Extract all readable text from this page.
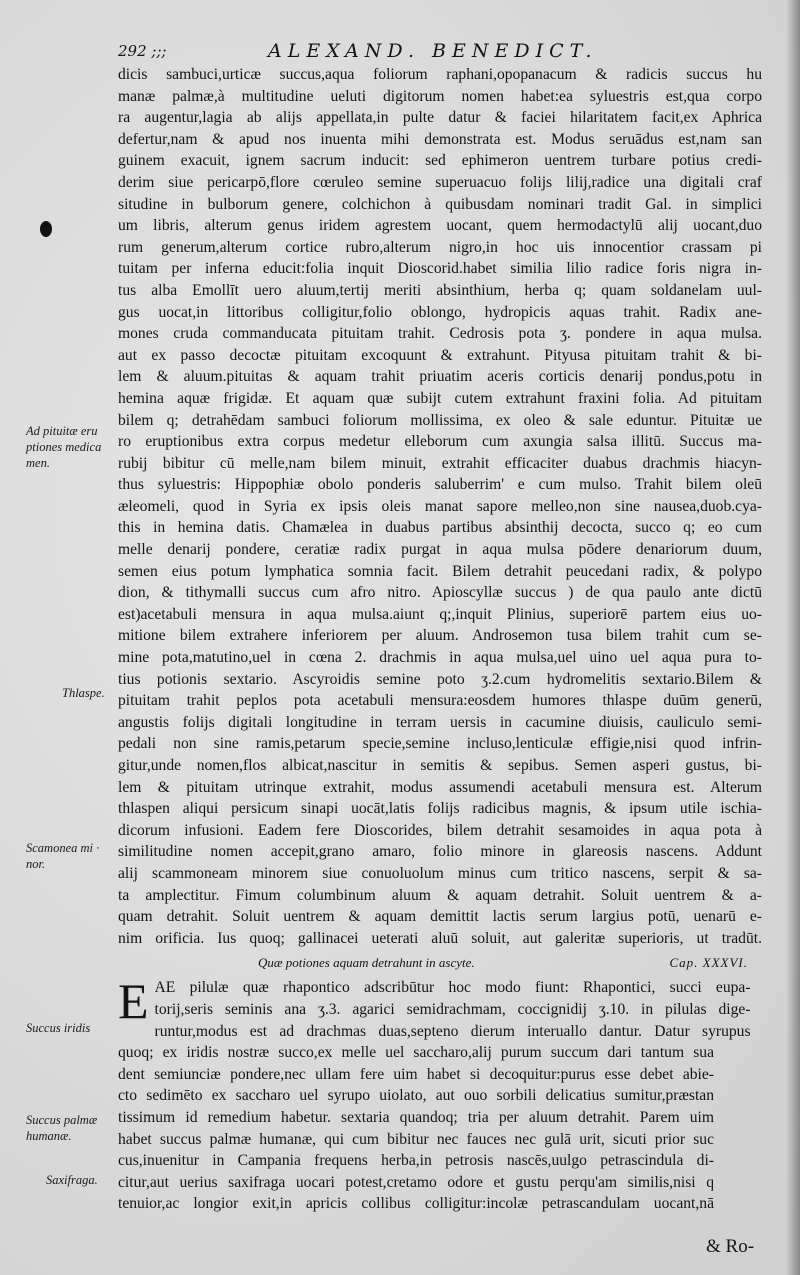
292 ;;;	ALEXAND. BENEDICT.
Ad pituitæ eru
ptiones medica
men.
Thlaspe.
Scamonea mi ∙
nor.
Succus iridis
Succus palmæ
humanæ.
Saxifraga.
dicis sambuci,urticæ succus,aqua foliorum raphani,opopanacum & radicis succus hu
manæ palmæ,à multitudine ueluti digitorum nomen habet:ea syluestris est,qua corpo
ra augentur,lagia ab alijs appellata,in pulte datur & faciei hilaritatem facit,ex Aphrica
defertur,nam & apud nos inuenta mihi demonstrata est. Modus seruādus est,nam san
guinem exacuit, ignem sacrum inducit: sed ephimeron uentrem turbare potius credi-
derim siue pericarpō,flore cœruleo semine superuacuo folijs lilij,radice una digitali craf
situdine in bulborum genere, colchichon à quibusdam nominari tradit Gal. in simplici
um libris, alterum genus iridem agrestem uocant, quem hermodactylū alij uocant,duo
rum generum,alterum cortice rubro,alterum nigro,in hoc uis innocentior crassam pi
tuitam per inferna educit:folia inquit Dioscorid.habet similia lilio radice foris nigra in-
tus alba Emollīt uero aluum,tertij meriti absinthium, herba q; quam soldanelam uul-
gus uocat,in littoribus colligitur,folio oblongo, hydropicis aquas trahit. Radix ane-
mones cruda commanducata pituitam trahit. Cedrosis pota ʒ. pondere in aqua mulsa.
aut ex passo decoctæ pituitam excoquunt & extrahunt. Pityusa pituitam trahit & bi-
lem & aluum.pituitas & aquam trahit priuatim aceris corticis denarij pondus,potu in
hemina aquæ frigidæ. Et aquam quæ subijt cutem extrahunt fraxini folia. Ad pituitam
bilem q; detrahēdam sambuci foliorum mollissima, ex oleo & sale eduntur. Pituitæ ue
ro eruptionibus extra corpus medetur elleborum cum axungia salsa illitū. Succus ma-
rubij bibitur cū melle,nam bilem minuit, extrahit efficaciter duabus drachmis hiacyn-
thus syluestris: Hippophiæ obolo ponderis saluberrim' e cum mulso. Trahit bilem oleū
æleomeli, quod in Syria ex ipsis oleis manat sapore melleo,non sine nausea,duob.cya-
this in hemina datis. Chamælea in duabus partibus absinthij decocta, succo q; eo cum
melle denarij pondere, ceratiæ radix purgat in aqua mulsa pōdere denariorum duum,
semen eius potum lymphatica somnia facit. Bilem detrahit peucedani radix, & polypo
dion, & tithymalli succus cum afro nitro. Apioscyllæ succus ) de qua paulo ante dictū
est)acetabuli mensura in aqua mulsa.aiunt q;,inquit Plinius, superiorē partem eius uo-
mitione bilem extrahere inferiorem per aluum. Androsemon tusa bilem trahit cum se-
mine pota,matutino,uel in cœna 2. drachmis in aqua mulsa,uel uino uel aqua pura to-
tius potionis sextario. Ascyroidis semine poto ʒ.2.cum hydromelitis sextario.Bilem &
pituitam trahit peplos pota acetabuli mensura:eosdem humores thlaspe duūm generū,
angustis folijs digitali longitudine in terram uersis in cacumine diuisis, cauliculo semi-
pedali non sine ramis,petarum specie,semine incluso,lenticulæ effigie,nisi quod infrin-
gitur,unde nomen,flos albicat,nascitur in semitis & sepibus. Semen asperi gustus, bi-
lem & pituitam utrinque extrahit, modus assumendi acetabuli mensura est. Alterum
thlaspen aliqui persicum sinapi uocāt,latis folijs radicibus magnis, & ipsum utile ischia-
dicorum infusioni. Eadem fere Dioscorides, bilem detrahit sesamoides in aqua pota à
similitudine nomen accepit,grano amaro, folio minore in glareosis nascens. Addunt
alij scammoneam minorem siue conuoluolum minus cum tritico nascens, serpit & sa-
ta amplectitur. Fimum columbinum aluum & aquam detrahit. Soluit uentrem & a-
quam detrahit. Soluit uentrem & aquam demittit lactis serum largius potū, uenarū e-
nim orificia. Ius quoq; gallinacei ueterati aluū soluit, aut galeritæ superioris, ut tradūt.
Quæ potiones aquam detrahunt in ascyte.	Cap. XXXVI.
E AE pilulæ quæ rhapontico adscribūtur hoc modo fiunt: Rhapontici, succi eupa-
torij,seris seminis ana ʒ.3. agarici semidrachmam, coccignidij ʒ.10. in pilulas dige-
runtur,modus est ad drachmas duas,septeno dierum interuallo dantur. Datur syrupus
quoq; ex iridis nostræ succo,ex melle uel saccharo,alij purum succum dari tantum sua
dent semiunciæ pondere,nec ullam fere uim habet si decoquitur:purus esse debet abie-
cto sedimēto ex saccharo uel syrupo uiolato, aut ouo sorbili delicatius sumitur,præstan
tissimum id remedium habetur. sextaria quandoq; tria per aluum detrahit. Parem uim
habet succus palmæ humanæ, qui cum bibitur nec fauces nec gulā urit, sicuti prior suc
cus,inuenitur in Campania frequens herba,in petrosis nascēs,uulgo petrascindula di-
citur,aut uerius saxifraga uocari potest,cretamo odore et gustu perqu'am similis,nisi q
tenuior,ac longior exit,in apricis collibus colligitur:incolæ petrascandulam uocant,nā
& Ro-
